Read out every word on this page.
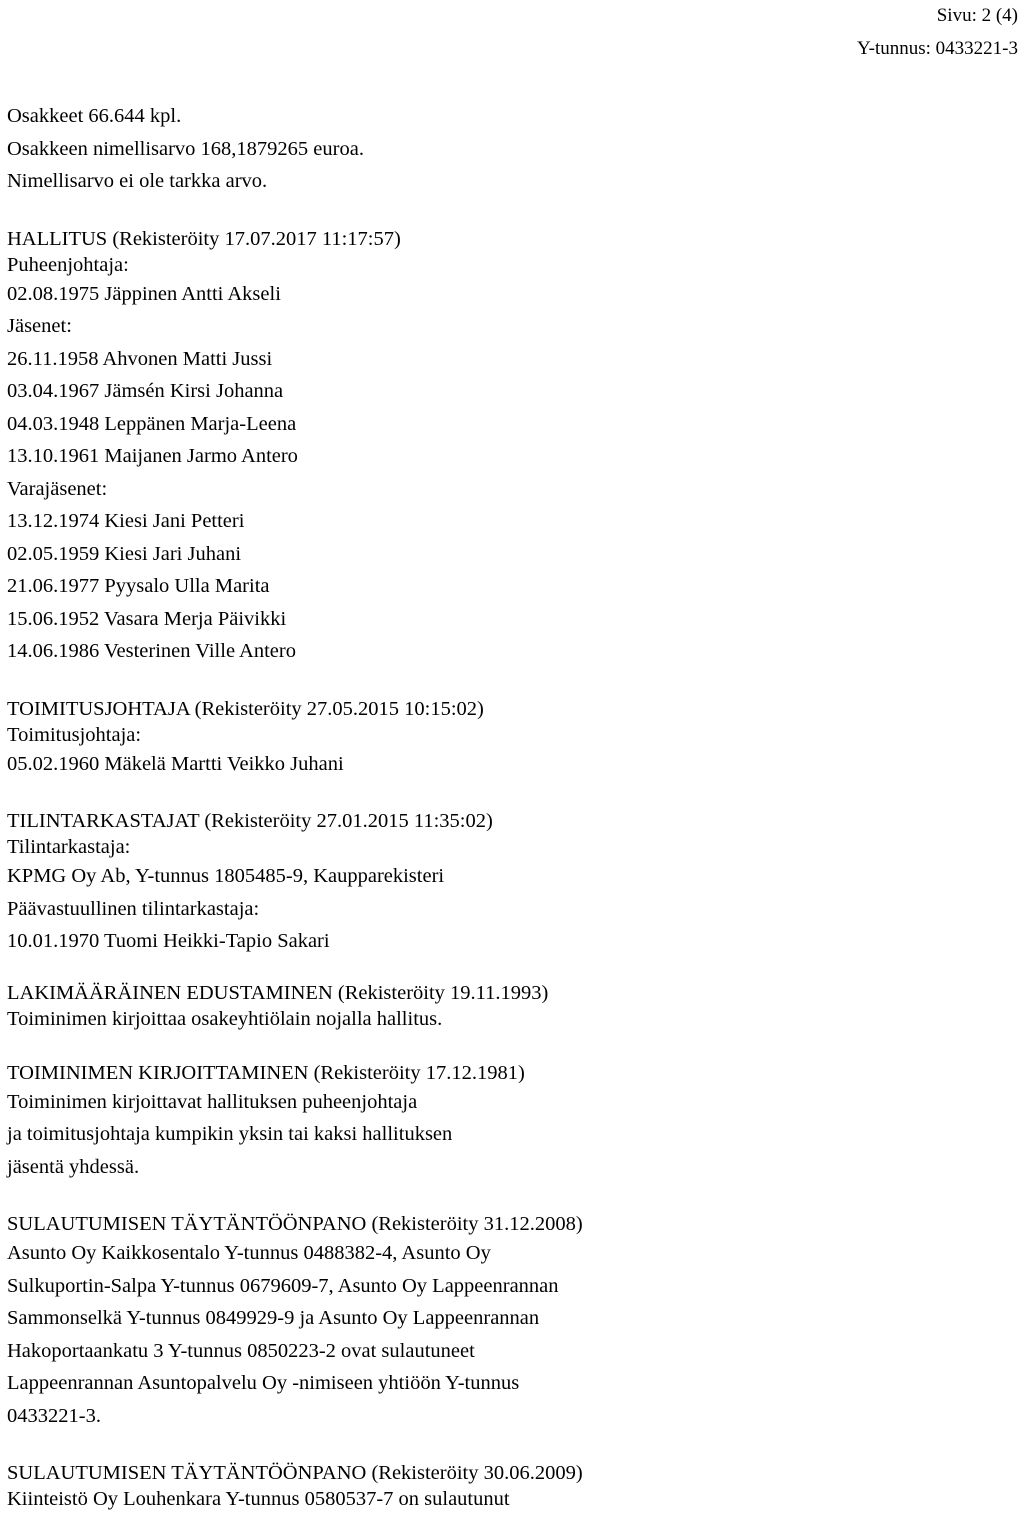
Sivu: 2 (4)
Y-tunnus: 0433221-3
Osakkeet 66.644 kpl.
Osakkeen nimellisarvo 168,1879265 euroa.
Nimellisarvo ei ole tarkka arvo.
HALLITUS (Rekisteröity 17.07.2017 11:17:57)
Puheenjohtaja:
02.08.1975 Jäppinen Antti Akseli
Jäsenet:
26.11.1958 Ahvonen Matti Jussi
03.04.1967 Jämsén Kirsi Johanna
04.03.1948 Leppänen Marja-Leena
13.10.1961 Maijanen Jarmo Antero
Varajäsenet:
13.12.1974 Kiesi Jani Petteri
02.05.1959 Kiesi Jari Juhani
21.06.1977 Pyysalo Ulla Marita
15.06.1952 Vasara Merja Päivikki
14.06.1986 Vesterinen Ville Antero
TOIMITUSJOHTAJA (Rekisteröity 27.05.2015 10:15:02)
Toimitusjohtaja:
05.02.1960 Mäkelä Martti Veikko Juhani
TILINTARKASTAJAT (Rekisteröity 27.01.2015 11:35:02)
Tilintarkastaja:
KPMG Oy Ab, Y-tunnus 1805485-9, Kaupparekisteri
Päävastuullinen tilintarkastaja:
10.01.1970 Tuomi Heikki-Tapio Sakari
LAKIMÄÄRÄINEN EDUSTAMINEN (Rekisteröity 19.11.1993)
Toiminimen kirjoittaa osakeyhtiölain nojalla hallitus.
TOIMINIMEN KIRJOITTAMINEN (Rekisteröity 17.12.1981)
Toiminimen kirjoittavat hallituksen puheenjohtaja
ja toimitusjohtaja kumpikin yksin tai kaksi hallituksen
jäsentä yhdessä.
SULAUTUMISEN TÄYTÄNTÖÖNPANO (Rekisteröity 31.12.2008)
Asunto Oy Kaikkosentalo Y-tunnus 0488382-4, Asunto Oy
Sulkuportin-Salpa Y-tunnus 0679609-7, Asunto Oy Lappeenrannan
Sammonselkä Y-tunnus 0849929-9 ja Asunto Oy Lappeenrannan
Hakoportaankatu 3 Y-tunnus 0850223-2 ovat sulautuneet
Lappeenrannan Asuntopalvelu Oy -nimiseen yhtiöön Y-tunnus
0433221-3.
SULAUTUMISEN TÄYTÄNTÖÖNPANO (Rekisteröity 30.06.2009)
Kiinteistö Oy Louhenkara Y-tunnus 0580537-7 on sulautunut
